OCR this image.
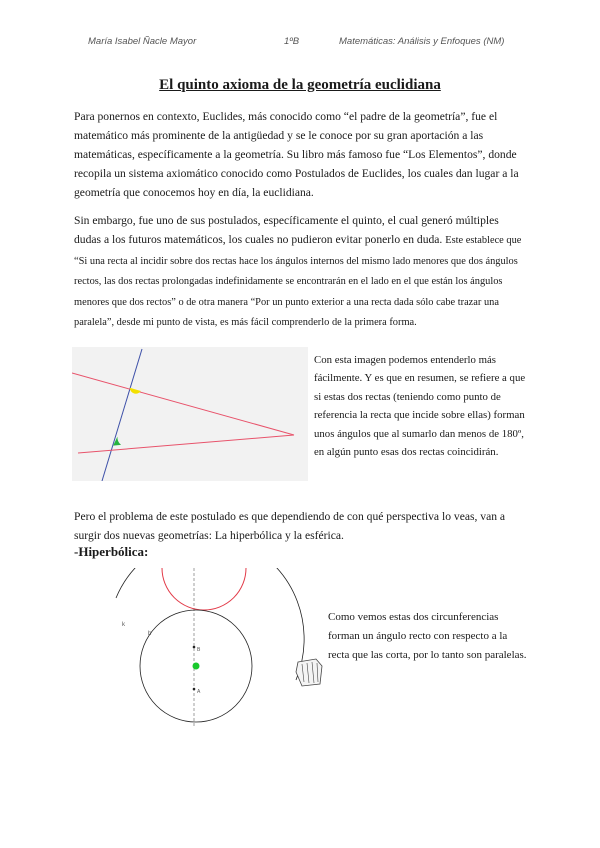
María Isabel Ñacle Mayor	1ºB	Matemáticas: Análisis y Enfoques (NM)
El quinto axioma de la geometría euclidiana

Para ponernos en contexto, Euclides, más conocido como “el padre de la geometría”, fue el matemático más prominente de la antigüedad y se le conoce por su gran aportación a las matemáticas, específicamente a la geometría. Su libro más famoso fue “Los Elementos”, donde recopila un sistema axiomático conocido como Postulados de Euclides, los cuales dan lugar a la geometría que conocemos hoy en día, la euclidiana.

Sin embargo, fue uno de sus postulados, específicamente el quinto, el cual generó múltiples dudas a los futuros matemáticos, los cuales no pudieron evitar ponerlo en duda. Este establece que “Si una recta al incidir sobre dos rectas hace los ángulos internos del mismo lado menores que dos ángulos rectos, las dos rectas prolongadas indefinidamente se encontrarán en el lado en el que están los ángulos menores que dos rectos” o de otra manera “Por un punto exterior a una recta dada sólo cabe trazar una paralela”, desde mi punto de vista, es más fácil comprenderlo de la primera forma.

Con esta imagen podemos entenderlo más fácilmente. Y es que en resumen, se refiere a que si estas dos rectas (teniendo como punto de referencia la recta que incide sobre ellas) forman unos ángulos que al sumarlo dan menos de 180º, en algún punto esas dos rectas coincidirán.

Pero el problema de este postulado es que dependiendo de con qué perspectiva lo veas, van a surgir dos nuevas geometrías: La hiperbólica y la esférica.

-Hiperbólica:
k
b
B
A

Como vemos estas dos circunferencias forman un ángulo recto con respecto a la recta que las corta, por lo tanto son paralelas.
